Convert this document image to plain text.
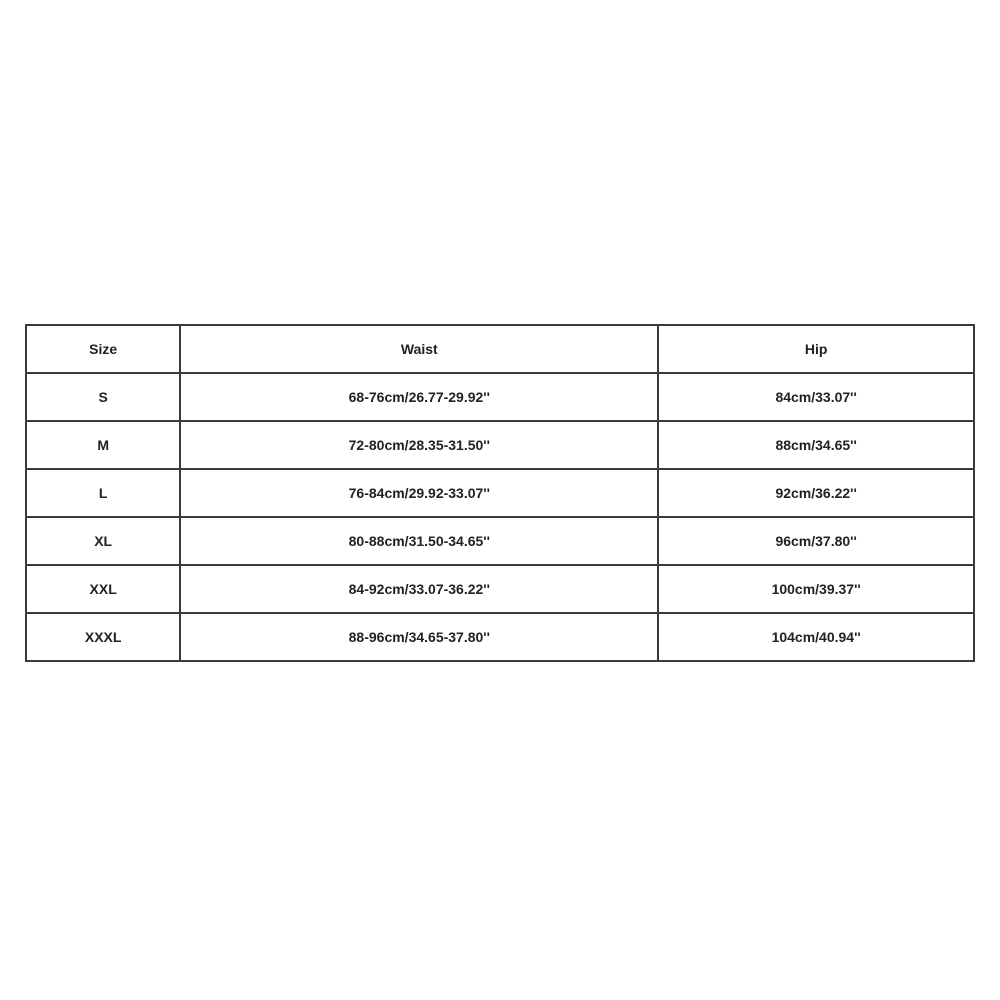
Size	Waist	Hip
S	68-76cm/26.77-29.92''	84cm/33.07''
M	72-80cm/28.35-31.50''	88cm/34.65''
L	76-84cm/29.92-33.07''	92cm/36.22''
XL	80-88cm/31.50-34.65''	96cm/37.80''
XXL	84-92cm/33.07-36.22''	100cm/39.37''
XXXL	88-96cm/34.65-37.80''	104cm/40.94''
